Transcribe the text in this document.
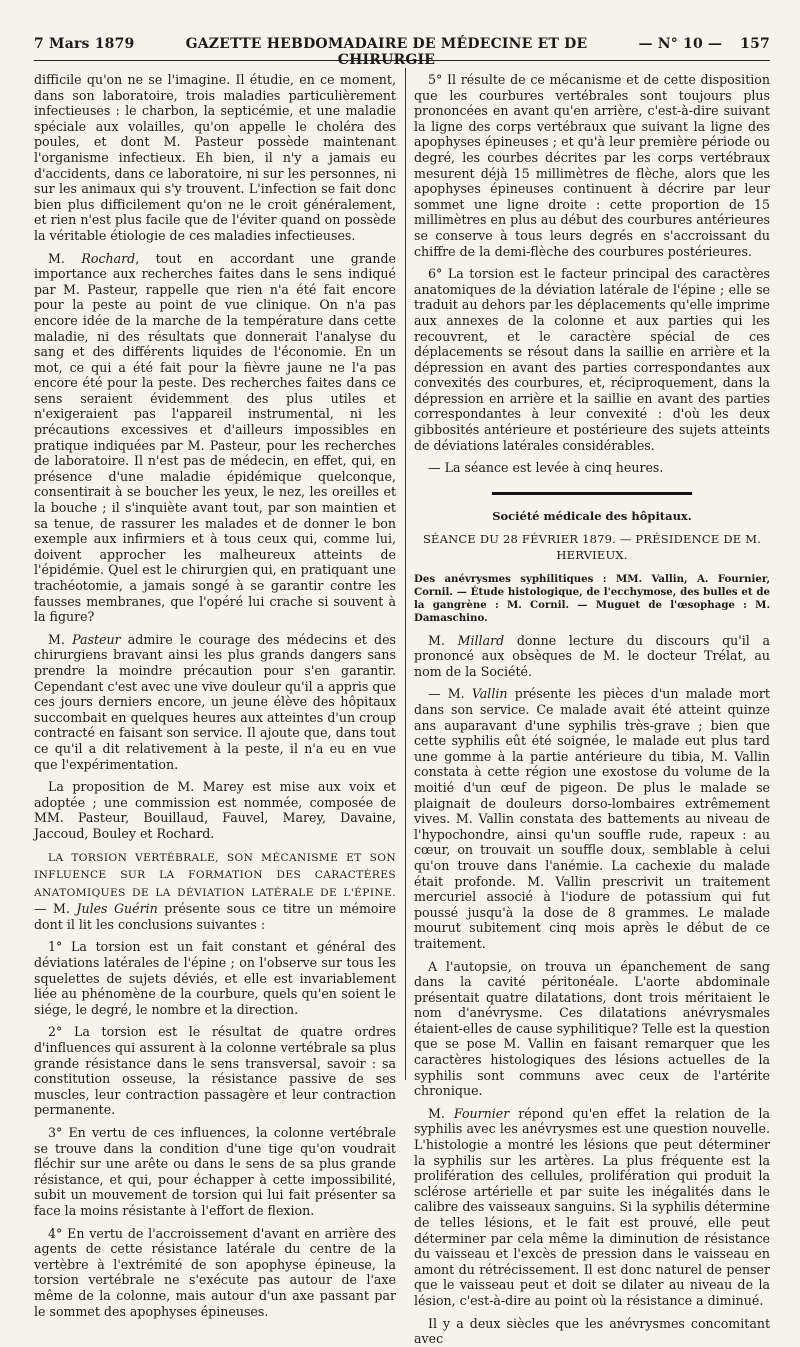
7 Mars 1879	GAZETTE HEBDOMADAIRE DE MÉDECINE ET DE CHIRURGIE
— N° 10 — 157

difficile qu'on ne se l'imagine. Il étudie, en ce moment, dans son laboratoire, trois maladies particulièrement infectieuses : le charbon, la septicémie, et une maladie spéciale aux volailles, qu'on appelle le choléra des poules, et dont M. Pasteur possède maintenant l'organisme infectieux. Eh bien, il n'y a jamais eu d'accidents, dans ce laboratoire, ni sur les personnes, ni sur les animaux qui s'y trouvent. L'infection se fait donc bien plus difficilement qu'on ne le croit généralement, et rien n'est plus facile que de l'éviter quand on possède la véritable étiologie de ces maladies infectieuses.

M. Rochard, tout en accordant une grande importance aux recherches faites dans le sens indiqué par M. Pasteur, rappelle que rien n'a été fait encore pour la peste au point de vue clinique. On n'a pas encore idée de la marche de la température dans cette maladie, ni des résultats que donnerait l'analyse du sang et des différents liquides de l'économie. En un mot, ce qui a été fait pour la fièvre jaune ne l'a pas encore été pour la peste. Des recherches faites dans ce sens seraient évidemment des plus utiles et n'exigeraient pas l'appareil instrumental, ni les précautions excessives et d'ailleurs impossibles en pratique indiquées par M. Pasteur, pour les recherches de laboratoire. Il n'est pas de médecin, en effet, qui, en présence d'une maladie épidémique quelconque, consentirait à se boucher les yeux, le nez, les oreilles et la bouche ; il s'inquiète avant tout, par son maintien et sa tenue, de rassurer les malades et de donner le bon exemple aux infirmiers et à tous ceux qui, comme lui, doivent approcher les malheureux atteints de l'épidémie. Quel est le chirurgien qui, en pratiquant une trachéotomie, a jamais songé à se garantir contre les fausses membranes, que l'opéré lui crache si souvent à la figure?

M. Pasteur admire le courage des médecins et des chirurgiens bravant ainsi les plus grands dangers sans prendre la moindre précaution pour s'en garantir. Cependant c'est avec une vive douleur qu'il a appris que ces jours derniers encore, un jeune élève des hôpitaux succombait en quelques heures aux atteintes d'un croup contracté en faisant son service. Il ajoute que, dans tout ce qu'il a dit relativement à la peste, il n'a eu en vue que l'expérimentation.

La proposition de M. Marey est mise aux voix et adoptée ; une commission est nommée, composée de MM. Pasteur, Bouillaud, Fauvel, Marey, Davaine, Jaccoud, Bouley et Rochard.

LA TORSION VERTÉBRALE, SON MÉCANISME ET SON INFLUENCE SUR LA FORMATION DES CARACTÈRES ANATOMIQUES DE LA DÉVIATION LATÉRALE DE L'ÉPINE. — M. Jules Guérin présente sous ce titre un mémoire dont il lit les conclusions suivantes :

1° La torsion est un fait constant et général des déviations latérales de l'épine ; on l'observe sur tous les squelettes de sujets déviés, et elle est invariablement liée au phénomène de la courbure, quels qu'en soient le siége, le degré, le nombre et la direction.

2° La torsion est le résultat de quatre ordres d'influences qui assurent à la colonne vertébrale sa plus grande résistance dans le sens transversal, savoir : sa constitution osseuse, la résistance passive de ses muscles, leur contraction passagère et leur contraction permanente.

3° En vertu de ces influences, la colonne vertébrale se trouve dans la condition d'une tige qu'on voudrait fléchir sur une arête ou dans le sens de sa plus grande résistance, et qui, pour échapper à cette impossibilité, subit un mouvement de torsion qui lui fait présenter sa face la moins résistante à l'effort de flexion.

4° En vertu de l'accroissement d'avant en arrière des agents de cette résistance latérale du centre de la vertèbre à l'extrémité de son apophyse épineuse, la torsion vertébrale ne s'exécute pas autour de l'axe même de la colonne, mais autour d'un axe passant par le sommet des apophyses épineuses.

5° Il résulte de ce mécanisme et de cette disposition que les courbures vertébrales sont toujours plus prononcées en avant qu'en arrière, c'est-à-dire suivant la ligne des corps vertébraux que suivant la ligne des apophyses épineuses ; et qu'à leur première période ou degré, les courbes décrites par les corps vertébraux mesurent déjà 15 millimètres de flèche, alors que les apophyses épineuses continuent à décrire par leur sommet une ligne droite : cette proportion de 15 millimètres en plus au début des courbures antérieures se conserve à tous leurs degrés en s'accroissant du chiffre de la demi-flèche des courbures postérieures.

6° La torsion est le facteur principal des caractères anatomiques de la déviation latérale de l'épine ; elle se traduit au dehors par les déplacements qu'elle imprime aux annexes de la colonne et aux parties qui les recouvrent, et le caractère spécial de ces déplacements se résout dans la saillie en arrière et la dépression en avant des parties correspondantes aux convexités des courbures, et, réciproquement, dans la dépression en arrière et la saillie en avant des parties correspondantes à leur convexité : d'où les deux gibbosités antérieure et postérieure des sujets atteints de déviations latérales considérables.

— La séance est levée à cinq heures.

Société médicale des hôpitaux.
SÉANCE DU 28 FÉVRIER 1879. — PRÉSIDENCE DE M. HERVIEUX.
Des anévrysmes syphilitiques : MM. Vallin, A. Fournier, Cornil. — Étude histologique, de l'ecchymose, des bulles et de la gangrène : M. Cornil. — Muguet de l'œsophage : M. Damaschino.

M. Millard donne lecture du discours qu'il a prononcé aux obsèques de M. le docteur Trélat, au nom de la Société.

— M. Vallin présente les pièces d'un malade mort dans son service. Ce malade avait été atteint quinze ans auparavant d'une syphilis très-grave ; bien que cette syphilis eût été soignée, le malade eut plus tard une gomme à la partie antérieure du tibia, M. Vallin constata à cette région une exostose du volume de la moitié d'un œuf de pigeon. De plus le malade se plaignait de douleurs dorso-lombaires extrêmement vives. M. Vallin constata des battements au niveau de l'hypochondre, ainsi qu'un souffle rude, rapeux : au cœur, on trouvait un souffle doux, semblable à celui qu'on trouve dans l'anémie. La cachexie du malade était profonde. M. Vallin prescrivit un traitement mercuriel associé à l'iodure de potassium qui fut poussé jusqu'à la dose de 8 grammes. Le malade mourut subitement cinq mois après le début de ce traitement.

A l'autopsie, on trouva un épanchement de sang dans la cavité péritonéale. L'aorte abdominale présentait quatre dilatations, dont trois méritaient le nom d'anévrysme. Ces dilatations anévrysmales étaient-elles de cause syphilitique? Telle est la question que se pose M. Vallin en faisant remarquer que les caractères histologiques des lésions actuelles de la syphilis sont communs avec ceux de l'artérite chronique.

M. Fournier répond qu'en effet la relation de la syphilis avec les anévrysmes est une question nouvelle. L'histologie a montré les lésions que peut déterminer la syphilis sur les artères. La plus fréquente est la prolifération des cellules, prolifération qui produit la sclérose artérielle et par suite les inégalités dans le calibre des vaisseaux sanguins. Si la syphilis détermine de telles lésions, et le fait est prouvé, elle peut déterminer par cela même la diminution de résistance du vaisseau et l'excès de pression dans le vaisseau en amont du rétrécissement. Il est donc naturel de penser que le vaisseau peut et doit se dilater au niveau de la lésion, c'est-à-dire au point où la résistance a diminué.

Il y a deux siècles que les anévrysmes concomitant avec
